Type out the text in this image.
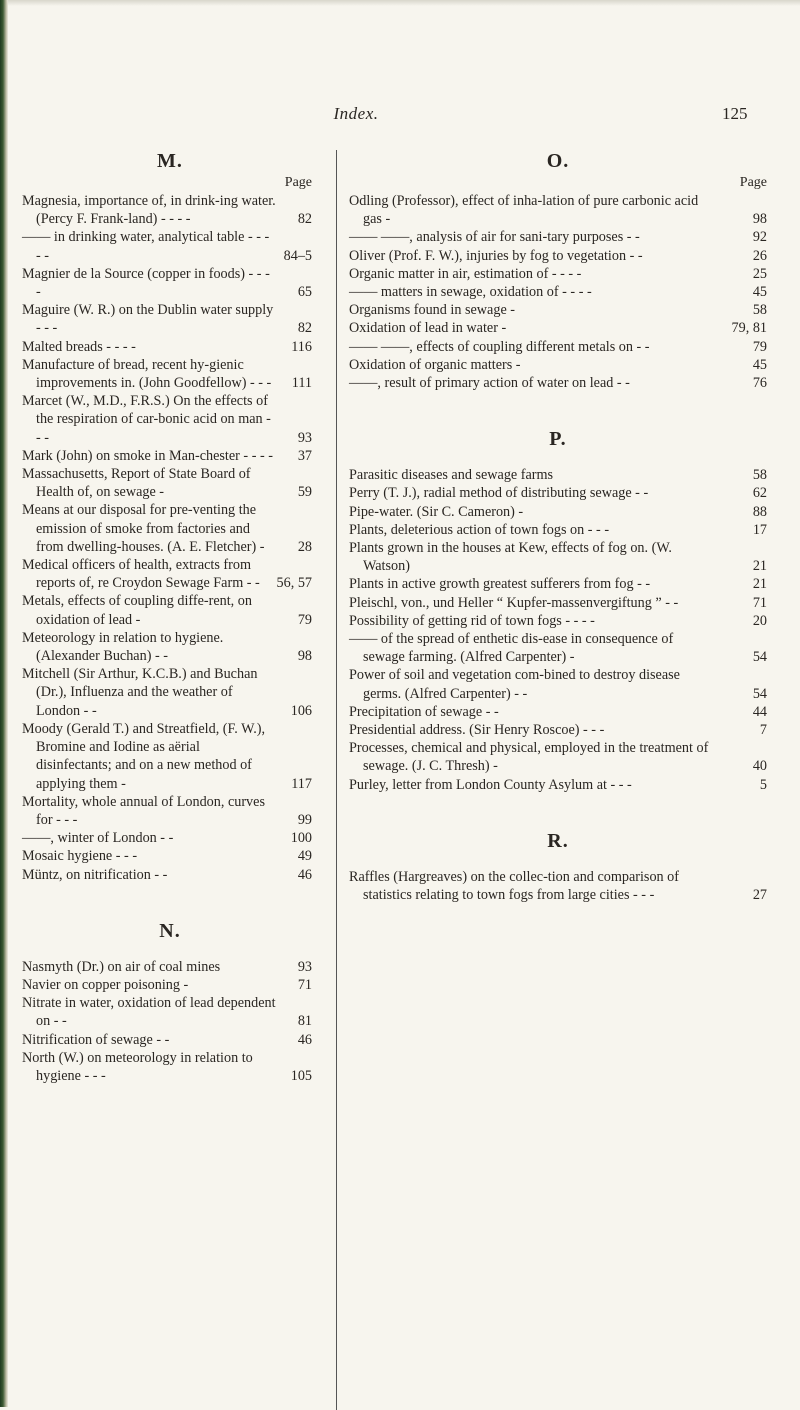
Index.	125
M.
Page
Magnesia, importance of, in drink-ing water. (Percy F. Frank-land) - - - -	82
—— in drinking water, analytical table - - - - -	84–5
Magnier de la Source (copper in foods) - - - -	65
Maguire (W. R.) on the Dublin water supply - - -	82
Malted breads - - - -	116
Manufacture of bread, recent hy-gienic improvements in. (John Goodfellow) - - -	111
Marcet (W., M.D., F.R.S.) On the effects of the respiration of car-bonic acid on man - - -	93
Mark (John) on smoke in Man-chester - - - -	37
Massachusetts, Report of State Board of Health of, on sewage -	59
Means at our disposal for pre-venting the emission of smoke from factories and from dwelling-houses. (A. E. Fletcher) -	28
Medical officers of health, extracts from reports of, re Croydon Sewage Farm - -	56, 57
Metals, effects of coupling diffe-rent, on oxidation of lead -	79
Meteorology in relation to hygiene. (Alexander Buchan) - -	98
Mitchell (Sir Arthur, K.C.B.) and Buchan (Dr.), Influenza and the weather of London - -	106
Moody (Gerald T.) and Streatfield, (F. W.), Bromine and Iodine as aërial disinfectants; and on a new method of applying them -	117
Mortality, whole annual of London, curves for - - -	99
——, winter of London - -	100
Mosaic hygiene - - -	49
Müntz, on nitrification - -	46
N.
Nasmyth (Dr.) on air of coal mines	93
Navier on copper poisoning -	71
Nitrate in water, oxidation of lead dependent on - -	81
Nitrification of sewage - -	46
North (W.) on meteorology in relation to hygiene - - -	105
O.
Page
Odling (Professor), effect of inha-lation of pure carbonic acid gas -	98
—— ——, analysis of air for sani-tary purposes - -	92
Oliver (Prof. F. W.), injuries by fog to vegetation - -	26
Organic matter in air, estimation of - - - -	25
—— matters in sewage, oxidation of - - - -	45
Organisms found in sewage -	58
Oxidation of lead in water -	79, 81
—— ——, effects of coupling different metals on - -	79
Oxidation of organic matters -	45
——, result of primary action of water on lead - -	76
P.
Parasitic diseases and sewage farms	58
Perry (T. J.), radial method of distributing sewage - -	62
Pipe-water. (Sir C. Cameron) -	88
Plants, deleterious action of town fogs on - - -	17
Plants grown in the houses at Kew, effects of fog on. (W. Watson)	21
Plants in active growth greatest sufferers from fog - -	21
Pleischl, von., und Heller “ Kupfer-massenvergiftung ” - -	71
Possibility of getting rid of town fogs - - - -	20
—— of the spread of enthetic dis-ease in consequence of sewage farming. (Alfred Carpenter) -	54
Power of soil and vegetation com-bined to destroy disease germs. (Alfred Carpenter) - -	54
Precipitation of sewage - -	44
Presidential address. (Sir Henry Roscoe) - - -	7
Processes, chemical and physical, employed in the treatment of sewage. (J. C. Thresh) -	40
Purley, letter from London County Asylum at - - -	5
R.
Raffles (Hargreaves) on the collec-tion and comparison of statistics relating to town fogs from large cities - - -	27
